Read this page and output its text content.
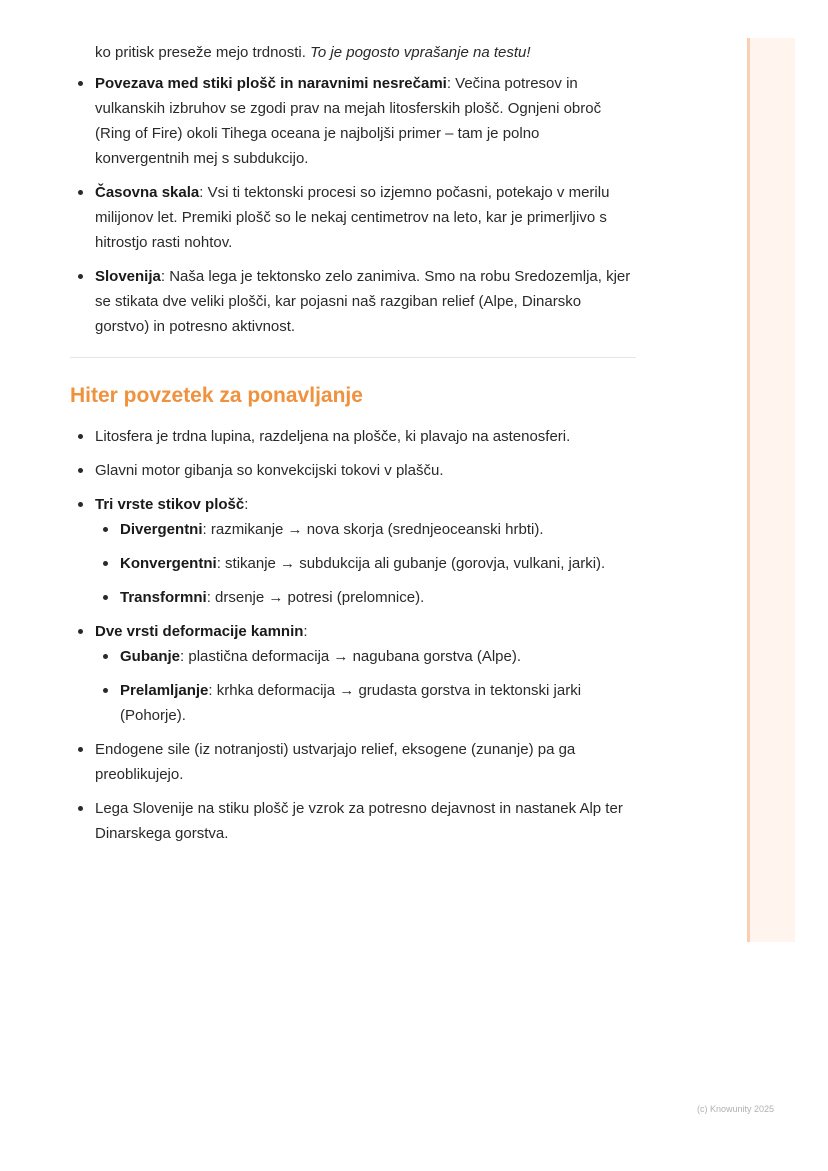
ko pritisk preseže mejo trdnosti. To je pogosto vprašanje na testu!

Povezava med stiki plošč in naravnimi nesrečami: Večina potresov in vulkanskih izbruhov se zgodi prav na mejah litosferskih plošč. Ognjeni obroč (Ring of Fire) okoli Tihega oceana je najboljši primer – tam je polno konvergentnih mej s subdukcijo.
Časovna skala: Vsi ti tektonski procesi so izjemno počasni, potekajo v merilu milijonov let. Premiki plošč so le nekaj centimetrov na leto, kar je primerljivo s hitrostjo rasti nohtov.
Slovenija: Naša lega je tektonsko zelo zanimiva. Smo na robu Sredozemlja, kjer se stikata dve veliki plošči, kar pojasni naš razgiban relief (Alpe, Dinarsko gorstvo) in potresno aktivnost.
Hiter povzetek za ponavljanje
Litosfera je trdna lupina, razdeljena na plošče, ki plavajo na astenosferi.
Glavni motor gibanja so konvekcijski tokovi v plašču.
Tri vrste stikov plošč:
Divergentni: razmikanje → nova skorja (srednjeoceanski hrbti).
Konvergentni: stikanje → subdukcija ali gubanje (gorovja, vulkani, jarki).
Transformni: drsenje → potresi (prelomnice).
Dve vrsti deformacije kamnin:
Gubanje: plastična deformacija → nagubana gorstva (Alpe).
Prelamljanje: krhka deformacija → grudasta gorstva in tektonski jarki (Pohorje).
Endogene sile (iz notranjosti) ustvarjajo relief, eksogene (zunanje) pa ga preoblikujejo.
Lega Slovenije na stiku plošč je vzrok za potresno dejavnost in nastanek Alp ter Dinarskega gorstva.
(c) Knowunity 2025
